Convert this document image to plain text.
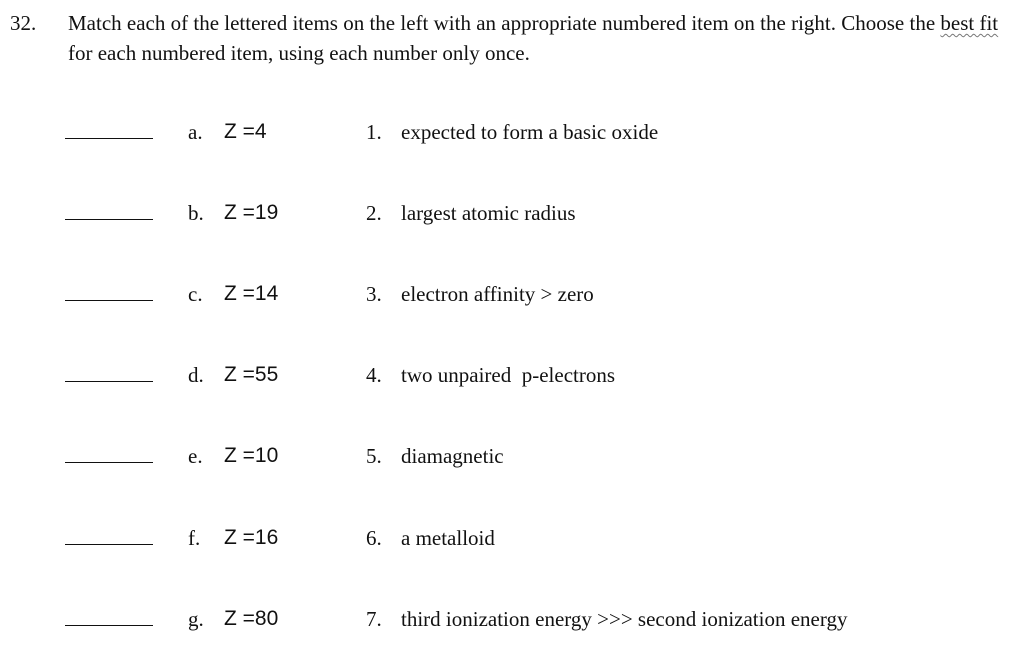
32. Match each of the lettered items on the left with an appropriate numbered item on the right. Choose the best fit for each numbered item, using each number only once.
a. Z =4	1. expected to form a basic oxide
b. Z =19	2. largest atomic radius
c. Z =14	3. electron affinity > zero
d. Z =55	4. two unpaired  p-electrons
e. Z =10	5. diamagnetic
f. Z =16	6. a metalloid
g. Z =80	7. third ionization energy >>> second ionization energy
